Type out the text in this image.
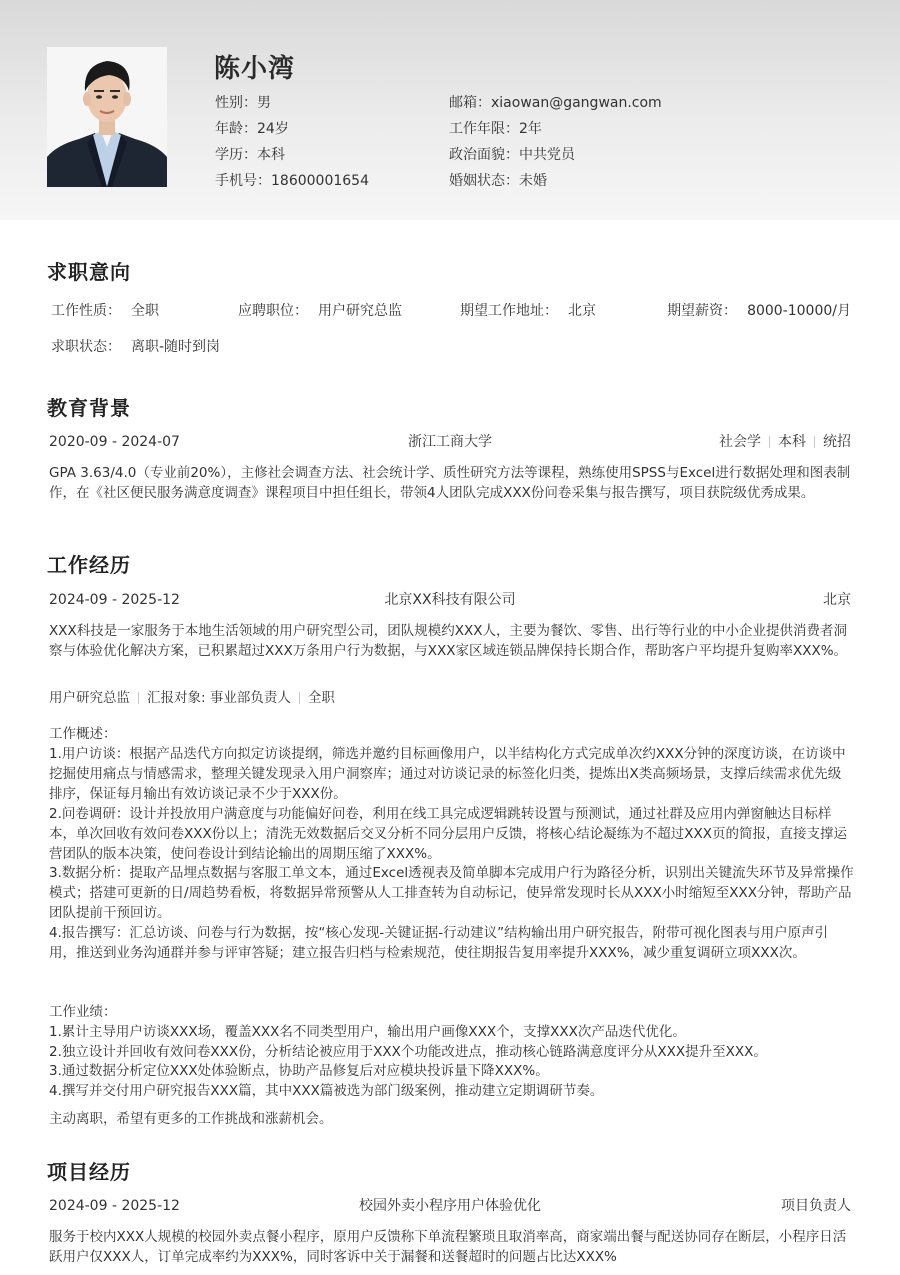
陈小湾
性别：男
年龄：24岁
学历：本科
手机号：18600001654
邮箱：xiaowan@gangwan.com
工作年限：2年
政治面貌：中共党员
婚姻状态：未婚
求职意向
工作性质： 全职	应聘职位： 用户研究总监	期望工作地址： 北京	期望薪资： 8000-10000/月
求职状态： 离职-随时到岗
教育背景
2020-09 - 2024-07	浙江工商大学	社会学 本科 统招

GPA 3.63/4.0（专业前20%），主修社会调查方法、社会统计学、质性研究方法等课程，熟练使用SPSS与Excel进行数据处理和图表制作，在《社区便民服务满意度调查》课程项目中担任组长，带领4人团队完成XXX份问卷采集与报告撰写，项目获院级优秀成果。

工作经历
2024-09 - 2025-12	北京XX科技有限公司	北京

XXX科技是一家服务于本地生活领域的用户研究型公司，团队规模约XXX人，主要为餐饮、零售、出行等行业的中小企业提供消费者洞察与体验优化解决方案，已积累超过XXX万条用户行为数据，与XXX家区域连锁品牌保持长期合作，帮助客户平均提升复购率XXX%。

用户研究总监 汇报对象: 事业部负责人 全职

工作概述：

1.用户访谈：根据产品迭代方向拟定访谈提纲，筛选并邀约目标画像用户，以半结构化方式完成单次约XXX分钟的深度访谈，在访谈中挖掘使用痛点与情感需求，整理关键发现录入用户洞察库；通过对访谈记录的标签化归类，提炼出X类高频场景，支撑后续需求优先级排序，保证每月输出有效访谈记录不少于XXX份。

2.问卷调研：设计并投放用户满意度与功能偏好问卷，利用在线工具完成逻辑跳转设置与预测试，通过社群及应用内弹窗触达目标样本，单次回收有效问卷XXX份以上；清洗无效数据后交叉分析不同分层用户反馈，将核心结论凝练为不超过XXX页的简报，直接支撑运营团队的版本决策，使问卷设计到结论输出的周期压缩了XXX%。

3.数据分析：提取产品埋点数据与客服工单文本，通过Excel透视表及简单脚本完成用户行为路径分析，识别出关键流失环节及异常操作模式；搭建可更新的日/周趋势看板，将数据异常预警从人工排查转为自动标记，使异常发现时长从XXX小时缩短至XXX分钟，帮助产品团队提前干预回访。

4.报告撰写：汇总访谈、问卷与行为数据，按“核心发现-关键证据-行动建议”结构输出用户研究报告，附带可视化图表与用户原声引用，推送到业务沟通群并参与评审答疑；建立报告归档与检索规范，使往期报告复用率提升XXX%，减少重复调研立项XXX次。

工作业绩：

1.累计主导用户访谈XXX场，覆盖XXX名不同类型用户，输出用户画像XXX个，支撑XXX次产品迭代优化。

2.独立设计并回收有效问卷XXX份，分析结论被应用于XXX个功能改进点，推动核心链路满意度评分从XXX提升至XXX。

3.通过数据分析定位XXX处体验断点，协助产品修复后对应模块投诉量下降XXX%。

4.撰写并交付用户研究报告XXX篇，其中XXX篇被选为部门级案例，推动建立定期调研节奏。

主动离职，希望有更多的工作挑战和涨薪机会。

项目经历
2024-09 - 2025-12	校园外卖小程序用户体验优化	项目负责人

服务于校内XXX人规模的校园外卖点餐小程序，原用户反馈称下单流程繁琐且取消率高，商家端出餐与配送协同存在断层，小程序日活跃用户仅XXX人，订单完成率约为XXX%，同时客诉中关于漏餐和送餐超时的问题占比达XXX%
